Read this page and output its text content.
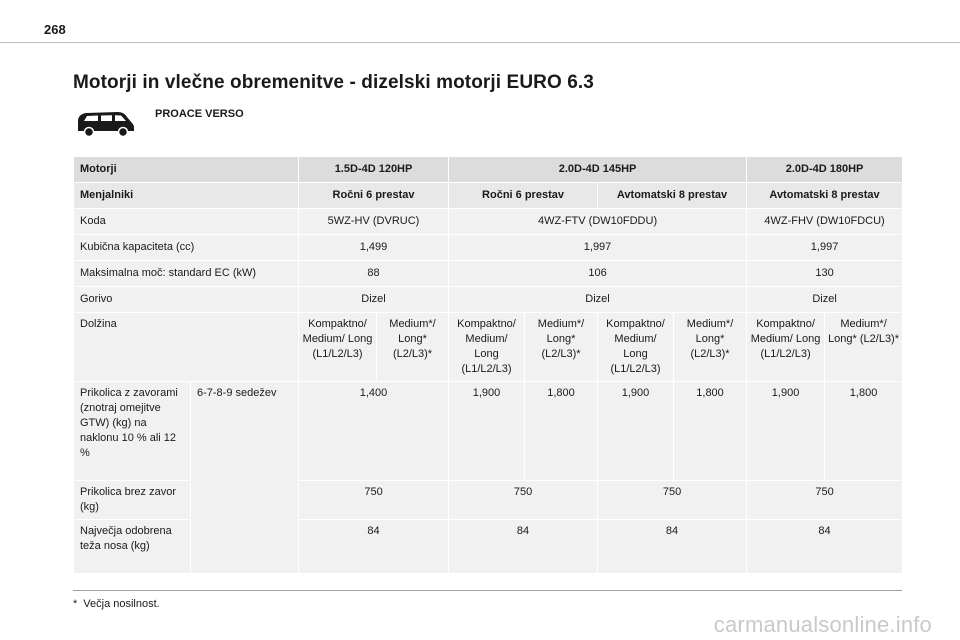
268
Motorji in vlečne obremenitve - dizelski motorji EURO 6.3
PROACE VERSO
Motorji		1.5D-4D 120HP		2.0D-4D 145HP				2.0D-4D 180HP	
Menjalniki		Ročni 6 prestav		Ročni 6 prestav		Avtomatski 8 prestav		Avtomatski 8 prestav	
Koda		5WZ-HV (DVRUC)		4WZ-FTV (DW10FDDU)				4WZ-FHV (DW10FDCU)	
Kubična kapaciteta (cc)		1,499		1,997				1,997	
Maksimalna moč: standard EC (kW)		88		106				130	
Gorivo		Dizel		Dizel				Dizel	
Dolžina		Kompaktno/ Medium/ Long (L1/L2/L3)	Medium*/ Long* (L2/L3)*	Kompaktno/ Medium/ Long (L1/L2/L3)	Medium*/ Long* (L2/L3)*	Kompaktno/ Medium/ Long (L1/L2/L3)	Medium*/ Long* (L2/L3)*	Kompaktno/ Medium/ Long (L1/L2/L3)	Medium*/ Long* (L2/L3)*
Prikolica z zavorami (znotraj omejitve GTW) (kg) na naklonu 10 % ali 12 %	6-7-8-9 sedežev	1,400		1,900	1,800	1,900	1,800	1,900	1,800
Prikolica brez zavor (kg)		750		750		750		750	
Največja odobrena teža nosa (kg)		84		84		84		84	
* Večja nosilnost.
carmanualsonline.info
